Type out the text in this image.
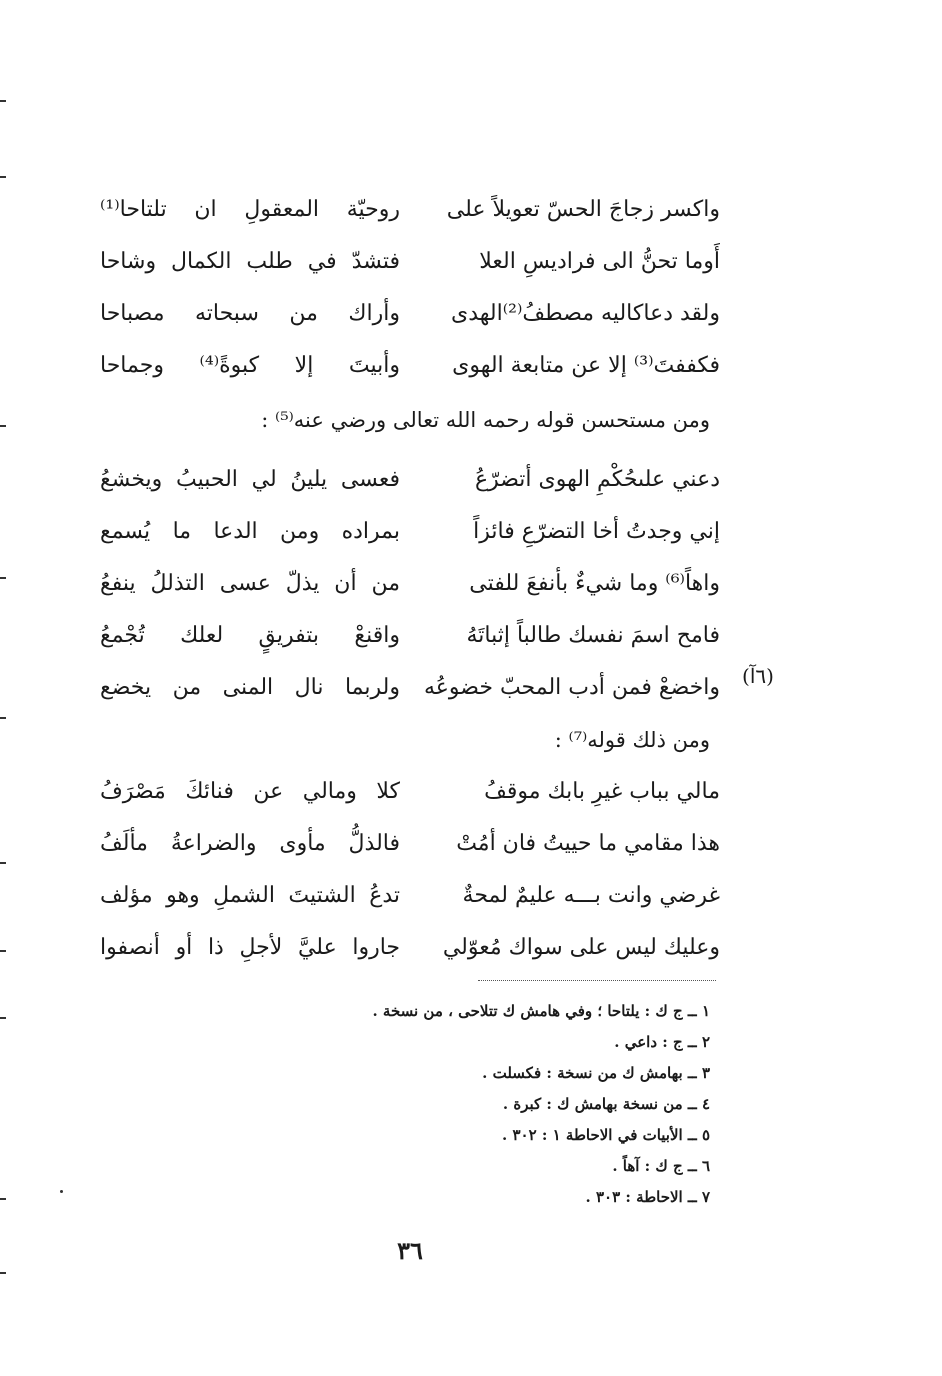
واكسر زجاجَ الحسّ تعويلاً على
روحيّة المعقولِ ان تلتاحا⁽¹⁾
أَوما تحنُّ الى فراديسِ العلا
فتشدّ في طلب الكمال وشاحا
ولقد دعاكاليه مصطفُ⁽²⁾الهدى
وأراك من سبحاته مصباحا
فكففتَ⁽³⁾ إلا عن متابعة الهوى
وأبيتَ إلا كبوةً⁽⁴⁾ وجماحا
ومن مستحسن قوله رحمه الله تعالى ورضي عنه⁽⁵⁾ :
دعني علىحُكْمِ الهوى أتضرّعُ
فعسى يلينُ لي الحبيبُ ويخشعُ
إني وجدتُ أخا التضرّعِ فائزاً
بمراده ومن الدعا ما يُسمع
واهاً⁽⁶⁾ وما شيءٌ بأنفعَ للفتى
من أن يذلّ عسى التذللُ ينفعُ
فامح اسمَ نفسك طالباً إثباتَهُ
واقنعْ بتفريقٍ لعلك تُجْمعُ
واخضعْ فمن أدب المحبّ خضوعُه
ولربما نال المنى من يخضع	(٦آ)
ومن ذلك قوله⁽⁷⁾ :
مالي بباب غيرِ بابك موقفُ
كلا ومالي عن فنائكَ مَصْرَفُ
هذا مقامي ما حييتُ فان أمُتْ
فالذلُّ مأوى والضراعةُ مألَفُ
غرضي وانت بـــه عليمٌ لمحةٌ
تدعُ الشتيتَ الشملِ وهو مؤلف
وعليك ليس على سواك مُعوّلي
جاروا عليَّ لأجلِ ذا أو أنصفوا
١ ــ ج ك : يلتاحا ؛ وفي هامش ك تتلاحى ، من نسخة .
٢ ــ ج : داعي .
٣ ــ بهامش ك من نسخة : فكسلت .
٤ ــ من نسخة بهامش ك : كبرة .
٥ ــ الأبيات في الاحاطة ١ : ٣٠٢ .
٦ ــ ج ك : آهاً .
٧ ــ الاحاطة : ٣٠٣ .
٣٦
